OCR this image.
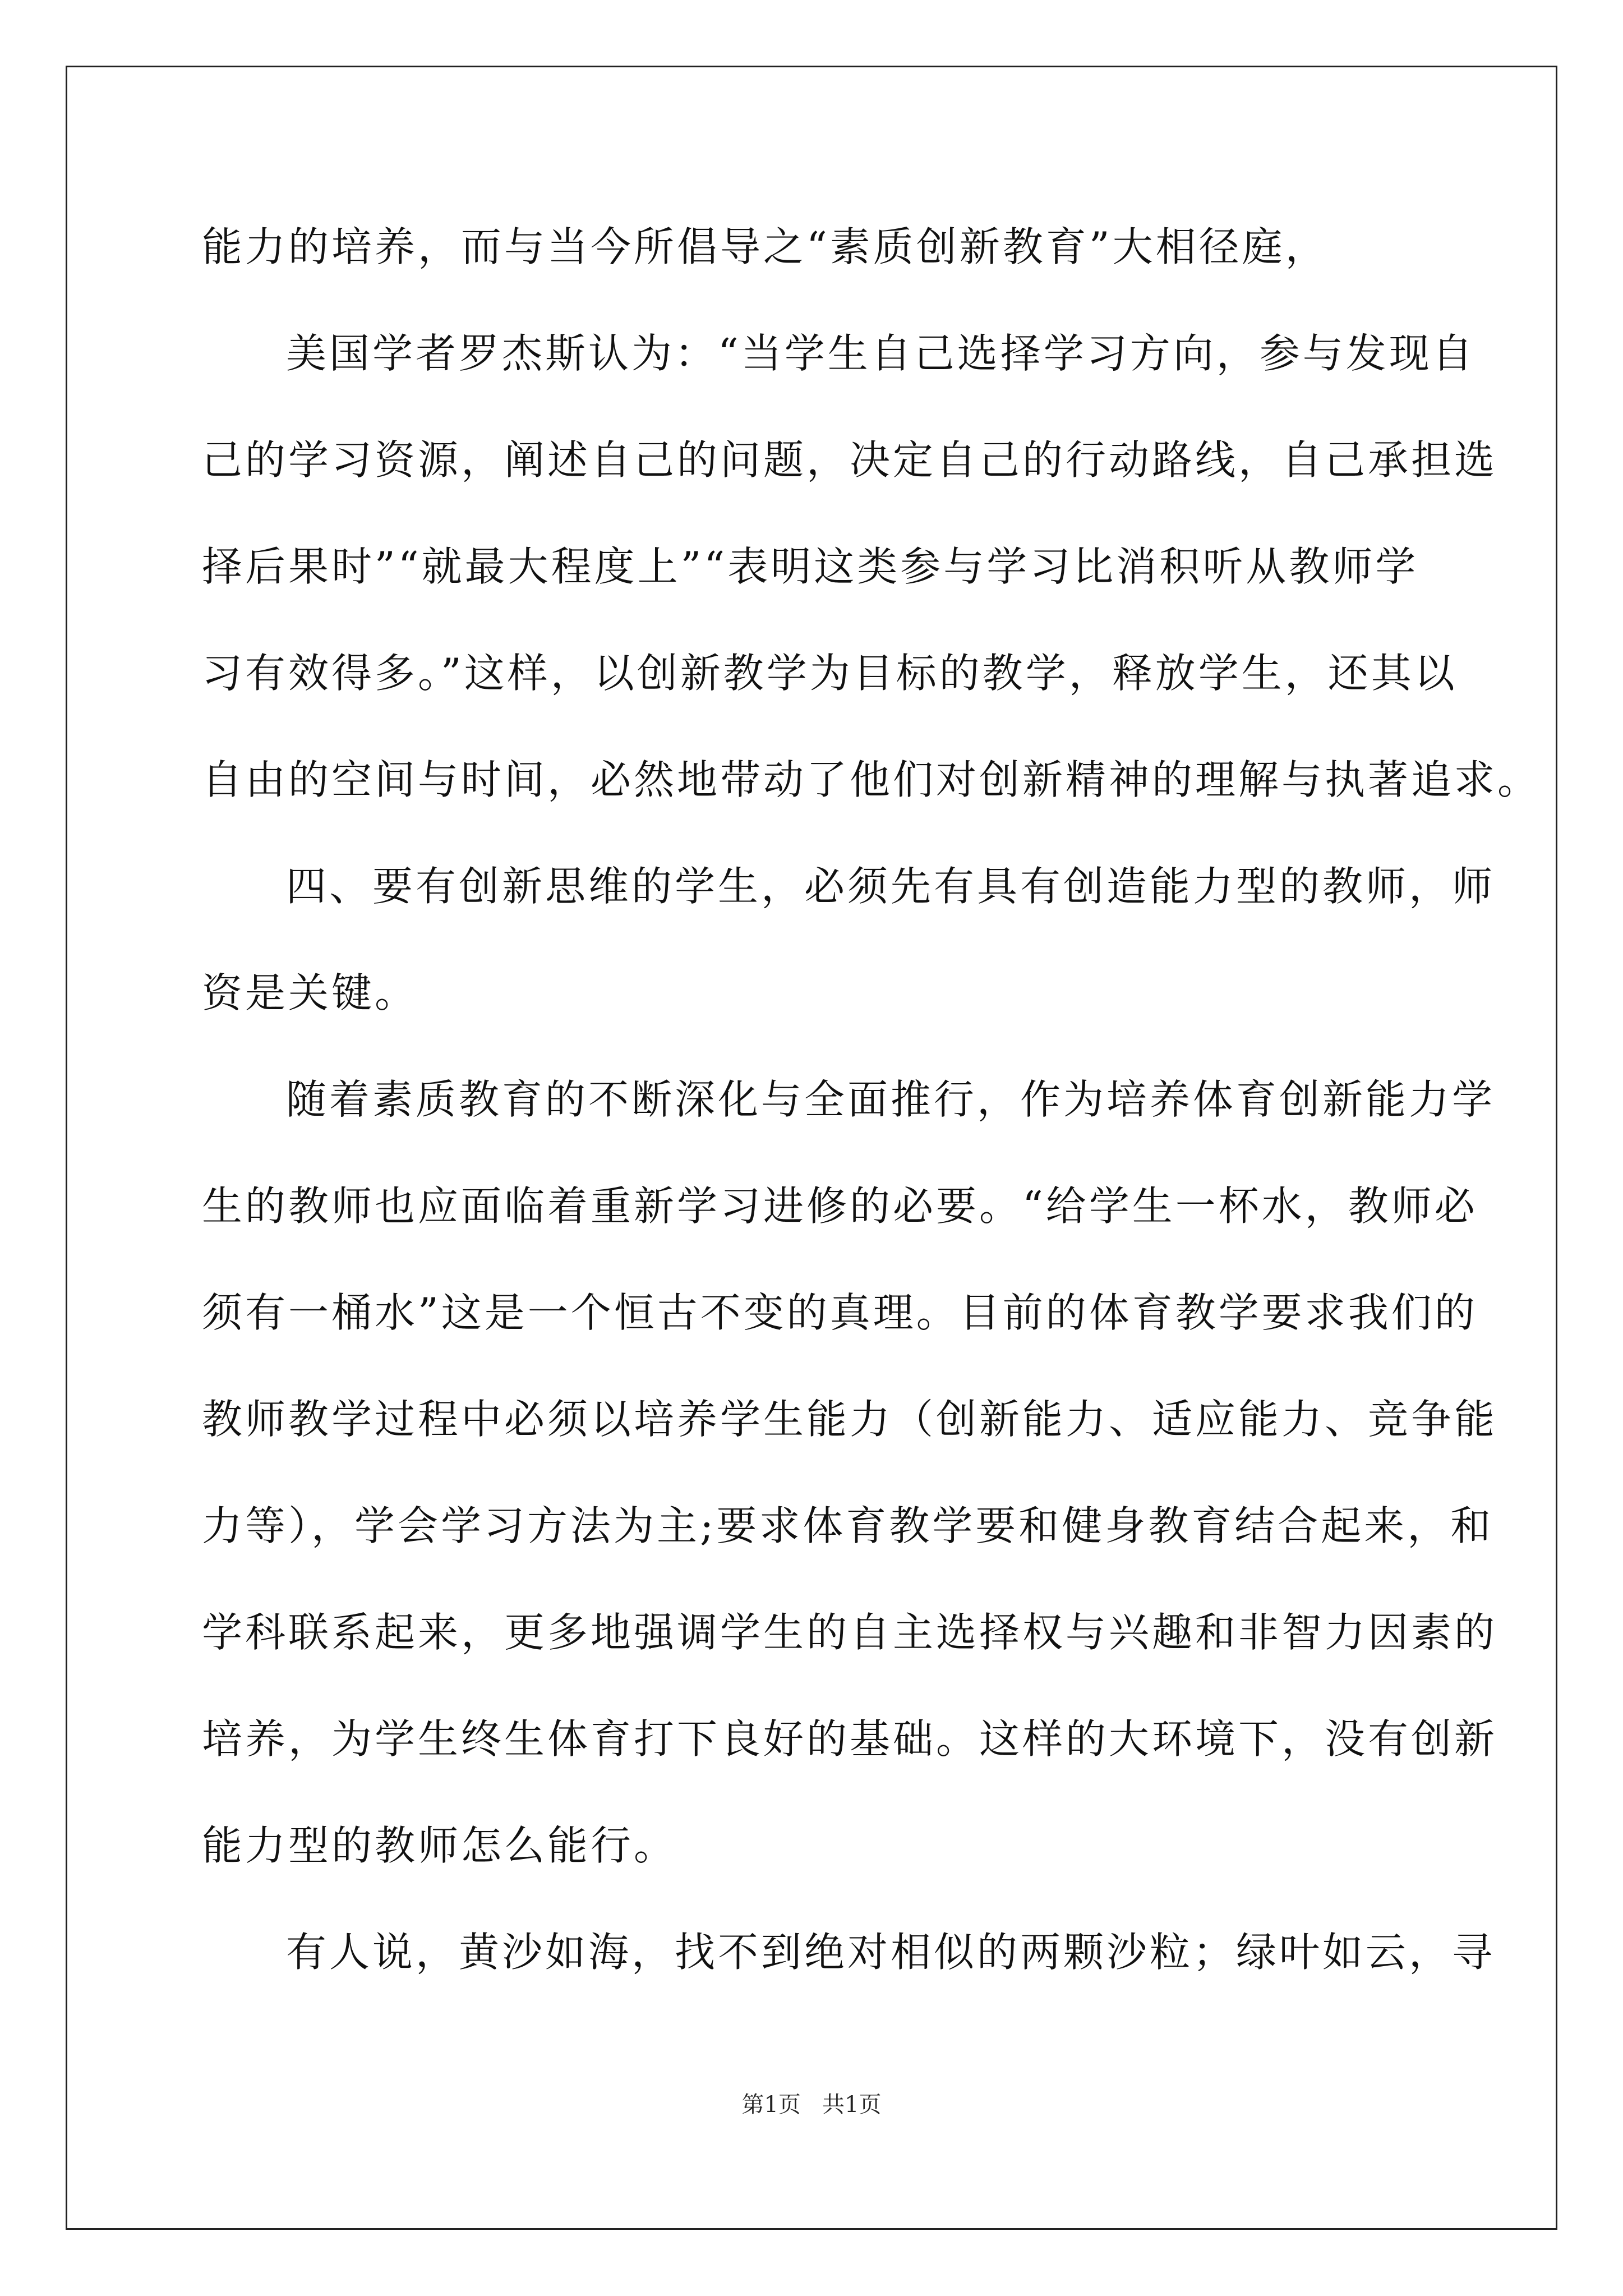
能力的培养，而与当今所倡导之“素质创新教育”大相径庭，
美国学者罗杰斯认为：“当学生自己选择学习方向，参与发现自
己的学习资源，阐述自己的问题，决定自己的行动路线，自己承担选
择后果时”“就最大程度上”“表明这类参与学习比消积听从教师学
习有效得多。”这样，以创新教学为目标的教学，释放学生，还其以
自由的空间与时间，必然地带动了他们对创新精神的理解与执著追求。
四、要有创新思维的学生，必须先有具有创造能力型的教师，师
资是关键。
随着素质教育的不断深化与全面推行，作为培养体育创新能力学
生的教师也应面临着重新学习进修的必要。“给学生一杯水，教师必
须有一桶水”这是一个恒古不变的真理。目前的体育教学要求我们的
教师教学过程中必须以培养学生能力（创新能力、适应能力、竞争能
力等），学会学习方法为主;要求体育教学要和健身教育结合起来，和
学科联系起来，更多地强调学生的自主选择权与兴趣和非智力因素的
培养，为学生终生体育打下良好的基础。这样的大环境下，没有创新
能力型的教师怎么能行。
有人说，黄沙如海，找不到绝对相似的两颗沙粒；绿叶如云，寻
第1页   共1页
